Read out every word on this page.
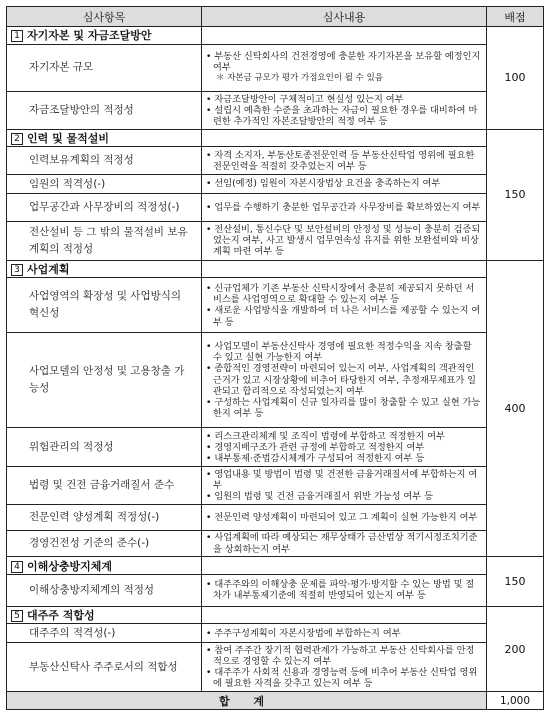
심사항목	심사내용	배점
1 자기자본 및 자금조달방안		100
자기자본 규모	• 부동산 신탁회사의 건전경영에 충분한 자기자본을 보유할 예정인지 여부
＊ 자본금 규모가 평가 가점요인이 될 수 있음	

자금조달방안의 적정성	• 자금조달방안이 구체적이고 현실성 있는지 여부
• 설립시 예측한 수준을 초과하는 자금이 필요한 경우를 대비하여 마련한 추가적인 자본조달방안의 적정 여부 등	

2 인력 및 물적설비		150
인력보유계획의 적정성	• 자격 소지자, 부동산토종전문인력 등 부동산신탁업 영위에 필요한 전문인력을 적절히 갖추었는지 여부 등	

임원의 적격성(-)	• 선임(예정) 임원이 자본시장법상 요건을 충족하는지 여부	

업무공간과 사무장비의 적정성(-)	• 업무를 수행하기 충분한 업무공간과 사무장비를 확보하였는지 여부	

전산설비 등 그 밖의 물적설비 보유 계획의 적정성	• 전산설비, 통신수단 및 보안설비의 안정성 및 성능이 충분히 검증되었는지 여부, 사고 발생시 업무연속성 유지를 위한 보완설비와 비상계획 마련 여부 등	

3 사업계획		400
사업영역의 확장성 및 사업방식의 혁신성	• 신규업체가 기존 부동산 신탁시장에서 충분히 제공되지 못하던 서비스를 사업영역으로 확대할 수 있는지 여부 등
• 새로운 사업방식을 개발하여 더 나은 서비스를 제공할 수 있는지 여부 등	

사업모델의 안정성 및 고용창출 가능성	• 사업모델이 부동산신탁사 경영에 필요한 적정수익을 지속 창출할 수 있고 실현 가능한지 여부
• 종합적인 경영전략이 마련되어 있는지 여부, 사업계획의 객관적인 근거가 있고 시장상황에 비추어 타당한지 여부, 추정재무제표가 일관되고 합리적으로 작성되었는지 여부
• 구성하는 사업계획이 신규 일자리를 많이 창출할 수 있고 실현 가능한지 여부 등	

위험관리의 적정성	• 리스크관리체계 및 조직이 법령에 부합하고 적정한지 여부
• 경영지배구조가 관련 규정에 부합하고 적정한지 여부
• 내부통제·준법감시체계가 구성되어 적정한지 여부 등	

법령 및 건전 금융거래질서 준수	• 영업내용 및 방법이 법령 및 건전한 금융거래질서에 부합하는지 여부
• 임원의 법령 및 건전 금융거래질서 위반 가능성 여부 등	

전문인력 양성계획 적정성(-)	• 전문인력 양성계획이 마련되어 있고 그 계획이 실현 가능한지 여부	

경영건전성 기준의 준수(-)	• 사업계획에 따라 예상되는 재무상태가 금산법상 적기시정조치기준을 상회하는지 여부	

4 이해상충방지체계		150
이해상충방지체계의 적정성	• 대주주와의 이해상충 문제를 파악·평가·방지할 수 있는 방법 및 절차가 내부통제기준에 적절히 반영되어 있는지 여부 등	

5 대주주 적합성		200
대주주의 적격성(-)	• 주주구성계획이 자본시장법에 부합하는지 여부	

부동산신탁사 주주로서의 적합성	• 참여 주주간 장기적 협력관계가 가능하고 부동산 신탁회사를 안정적으로 경영할 수 있는지 여부
• 대주주가 사회적 신용과 경영능력 등에 비추어 부동산 신탁업 영위에 필요한 자격을 갖추고 있는지 여부 등	

합 계		1,000
